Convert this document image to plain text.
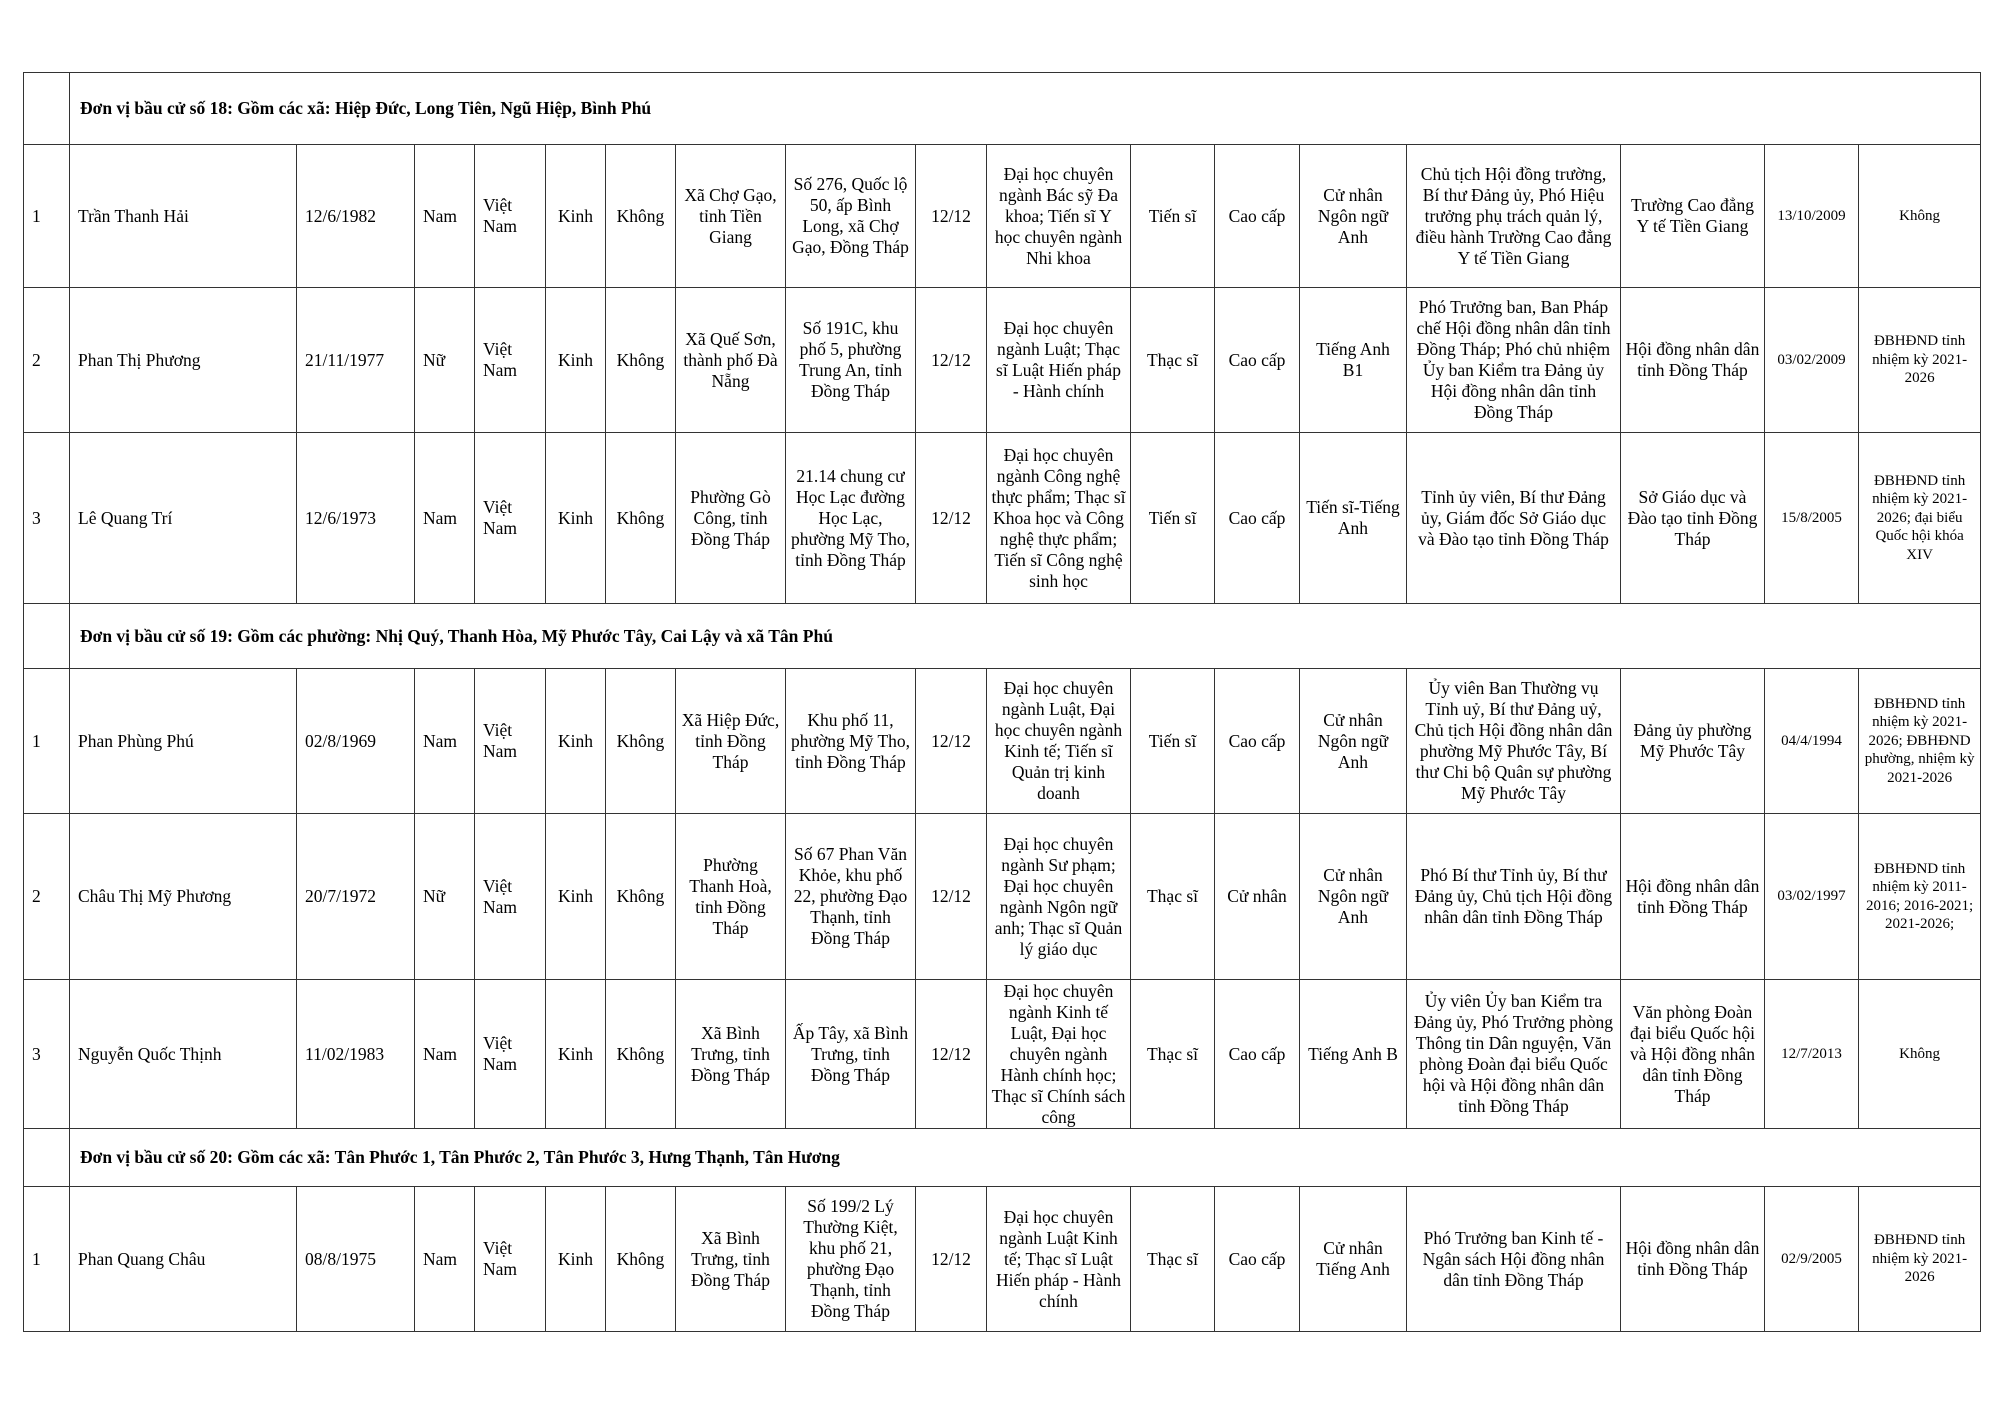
	Đơn vị bầu cử số 18: Gồm các xã: Hiệp Đức, Long Tiên, Ngũ Hiệp, Bình Phú																
1	Trần Thanh Hải	12/6/1982	Nam	Việt Nam	Kinh	Không	Xã Chợ Gạo, tỉnh Tiền Giang	Số 276, Quốc lộ 50, ấp Bình Long, xã Chợ Gạo, Đồng Tháp	12/12	Đại học chuyên ngành Bác sỹ Đa khoa; Tiến sĩ Y học chuyên ngành Nhi khoa	Tiến sĩ	Cao cấp	Cử nhân Ngôn ngữ Anh	Chủ tịch Hội đồng trường, Bí thư Đảng ủy, Phó Hiệu trưởng phụ trách quản lý, điều hành Trường Cao đẳng Y tế Tiền Giang	Trường Cao đẳng Y tế Tiền Giang	13/10/2009	Không
2	Phan Thị Phương	21/11/1977	Nữ	Việt Nam	Kinh	Không	Xã Quế Sơn, thành phố Đà Nẵng	Số 191C, khu phố 5, phường Trung An, tỉnh Đồng Tháp	12/12	Đại học chuyên ngành Luật; Thạc sĩ Luật Hiến pháp - Hành chính	Thạc sĩ	Cao cấp	Tiếng Anh B1	Phó Trưởng ban, Ban Pháp chế Hội đồng nhân dân tỉnh Đồng Tháp; Phó chủ nhiệm Ủy ban Kiểm tra Đảng ủy Hội đồng nhân dân tỉnh Đồng Tháp	Hội đồng nhân dân tỉnh Đồng Tháp	03/02/2009	ĐBHĐND tỉnh nhiệm kỳ 2021-2026
3	Lê Quang Trí	12/6/1973	Nam	Việt Nam	Kinh	Không	Phường Gò Công, tỉnh Đồng Tháp	21.14 chung cư Học Lạc đường Học Lạc, phường Mỹ Tho, tỉnh Đồng Tháp	12/12	Đại học chuyên ngành Công nghệ thực phẩm; Thạc sĩ Khoa học và Công nghệ thực phẩm; Tiến sĩ Công nghệ sinh học	Tiến sĩ	Cao cấp	Tiến sĩ-Tiếng Anh	Tỉnh ủy viên, Bí thư Đảng ủy, Giám đốc Sở Giáo dục và Đào tạo tỉnh Đồng Tháp	Sở Giáo dục và Đào tạo tỉnh Đồng Tháp	15/8/2005	ĐBHĐND tỉnh nhiệm kỳ 2021-2026; đại biểu Quốc hội khóa XIV
	Đơn vị bầu cử số 19: Gồm các phường: Nhị Quý, Thanh Hòa, Mỹ Phước Tây, Cai Lậy và xã Tân Phú																
1	Phan Phùng Phú	02/8/1969	Nam	Việt Nam	Kinh	Không	Xã Hiệp Đức, tỉnh Đồng Tháp	Khu phố 11, phường Mỹ Tho, tỉnh Đồng Tháp	12/12	Đại học chuyên ngành Luật, Đại học chuyên ngành Kinh tế; Tiến sĩ Quản trị kinh doanh	Tiến sĩ	Cao cấp	Cử nhân Ngôn ngữ Anh	Ủy viên Ban Thường vụ Tỉnh uỷ, Bí thư Đảng uỷ, Chủ tịch Hội đồng nhân dân phường Mỹ Phước Tây, Bí thư Chi bộ Quân sự phường Mỹ Phước Tây	Đảng ủy phường Mỹ Phước Tây	04/4/1994	ĐBHĐND tỉnh nhiệm kỳ 2021-2026; ĐBHĐND phường, nhiệm kỳ 2021-2026
2	Châu Thị Mỹ Phương	20/7/1972	Nữ	Việt Nam	Kinh	Không	Phường Thanh Hoà, tỉnh Đồng Tháp	Số 67 Phan Văn Khỏe, khu phố 22, phường Đạo Thạnh, tỉnh Đồng Tháp	12/12	Đại học chuyên ngành Sư phạm; Đại học chuyên ngành Ngôn ngữ anh; Thạc sĩ Quản lý giáo dục	Thạc sĩ	Cử nhân	Cử nhân Ngôn ngữ Anh	Phó Bí thư Tỉnh ủy, Bí thư Đảng ủy, Chủ tịch Hội đồng nhân dân tỉnh Đồng Tháp	Hội đồng nhân dân tỉnh Đồng Tháp	03/02/1997	ĐBHĐND tỉnh nhiệm kỳ 2011-2016; 2016-2021; 2021-2026;
3	Nguyễn Quốc Thịnh	11/02/1983	Nam	Việt Nam	Kinh	Không	Xã Bình Trưng, tỉnh Đồng Tháp	Ấp Tây, xã Bình Trưng, tỉnh Đồng Tháp	12/12	Đại học chuyên ngành Kinh tế Luật, Đại học chuyên ngành Hành chính học; Thạc sĩ Chính sách công	Thạc sĩ	Cao cấp	Tiếng Anh B	Ủy viên Ủy ban Kiểm tra Đảng ủy, Phó Trưởng phòng Thông tin Dân nguyện, Văn phòng Đoàn đại biểu Quốc hội và Hội đồng nhân dân tỉnh Đồng Tháp	Văn phòng Đoàn đại biểu Quốc hội và Hội đồng nhân dân tỉnh Đồng Tháp	12/7/2013	Không
	Đơn vị bầu cử số 20: Gồm các xã: Tân Phước 1, Tân Phước 2, Tân Phước 3, Hưng Thạnh, Tân Hương																
1	Phan Quang Châu	08/8/1975	Nam	Việt Nam	Kinh	Không	Xã Bình Trưng, tỉnh Đồng Tháp	Số 199/2 Lý Thường Kiệt, khu phố 21, phường Đạo Thạnh, tỉnh Đồng Tháp	12/12	Đại học chuyên ngành Luật Kinh tế; Thạc sĩ Luật Hiến pháp - Hành chính	Thạc sĩ	Cao cấp	Cử nhân Tiếng Anh	Phó Trưởng ban Kinh tế - Ngân sách Hội đồng nhân dân tỉnh Đồng Tháp	Hội đồng nhân dân tỉnh Đồng Tháp	02/9/2005	ĐBHĐND tỉnh nhiệm kỳ 2021-2026
